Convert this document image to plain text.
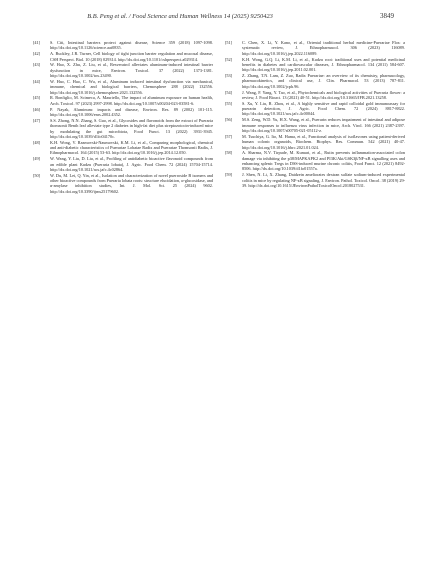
B.B. Peng et al. / Food Science and Human Wellness 14 (2025) 9250423	3849
[41] S. Citi, Intestinal barriers protect against disease, Science 359 (2018) 1097-1098. http://dx.doi.org/10.1126/science.aat0835.
[42] A. Buckley, J.R. Turner, Cell biology of tight junction barrier regulation and mucosal disease, CSH Perspect. Biol. 10 (2018) 029314. http://dx.doi.org/10.1101/cshperspect.a029314.
[43] W. Hao, X. Zhu, Z. Liu, et al., Resveratrol alleviates aluminum-induced intestinal barrier dysfunction in mice, Environ. Toxicol. 37 (2022) 1373-1381. http://dx.doi.org/10.1002/tox.23490.
[44] W. Hao, C. Hao, C. Wu, et al., Aluminum induced intestinal dysfunction via mechanical, immune, chemical and biological barriers, Chemosphere 288 (2022) 132556. http://dx.doi.org/10.1016/j.chemosphere.2021.132556.
[45] R. Bonfiglio, M. Scimeca, A. Mauriello, The impact of aluminum exposure on human health, Arch. Toxicol. 97 (2023) 2997-2998. http://dx.doi.org/10.1007/s00204-023-03581-6.
[46] P. Nayak, Aluminum: impacts and disease, Environ. Res. 89 (2002) 101-115. http://dx.doi.org/10.1006/enrs.2002.4352.
[47] S.S. Zhong, N.N. Zhang, S. Guo, et al., Glycosides and flavonoids from the extract of Pueraria thomsonii Benth leaf alleviate type 2 diabetes in high-fat diet plus streptozotocin-induced mice by modulating the gut microbiota, Food Funct. 13 (2022) 3931-3945. http://dx.doi.org/10.1039/d1fo04170c.
[48] K.H. Wong, V. Razmovski-Naumovski, K.M. Li, et al., Comparing morphological, chemical and anti-diabetic characteristics of Puerariae Lobatae Radix and Puerariae Thomsonii Radix, J. Ethnopharmacol. 164 (2015) 53-63. http://dx.doi.org/10.1016/j.jep.2014.12.050.
[49] W. Wang, Y. Liu, D. Liu, et al., Profiling of antidiabetic bioactive flavonoid compounds from an edible plant Kudzu (Pueraria lobata), J. Agric. Food Chem. 72 (2024) 15704-15714. http://dx.doi.org/10.1021/acs.jafc.4c02864.
[50] W. Du, M. Lei, Q. Yin, et al., Isolation and characterization of novel puerroside B isomers and other bioactive compounds from Pueraria lobata roots: structure elucidation, α-glucosidase, and α-amylase inhibition studies, Int. J. Mol. Sci. 25 (2024) 9602. http://dx.doi.org/10.3390/ijms25179602.
[51] C. Chen, X. Li, Y. Kano, et al., Oriental traditional herbal medicine-Puerariae Flos: a systematic review, J. Ethnopharmacol. 306 (2023) 116089. http://dx.doi.org/10.1016/j.jep.2022.116089.
[52] K.H. Wong, G.Q. Li, K.M. Li, et al., Kudzu root: traditional uses and potential medicinal benefits in diabetes and cardiovascular diseases, J. Ethnopharmacol. 134 (2011) 584-607. http://dx.doi.org/10.1016/j.jep.2011.02.001.
[53] Z. Zhang, T.N. Lam, Z. Zuo, Radix Puerariae: an overview of its chemistry, pharmacology, pharmacokinetics, and clinical use, J. Clin. Pharmacol. 53 (2013) 787-811. http://dx.doi.org/10.1002/jcph.96.
[54] J. Wang, F. Yang, Y. Tao, et al., Phytochemicals and biological activities of Pueraria flower: a review, J. Food Bioact. 13 (2021) 40-51. http://dx.doi.org/10.31665/JFB.2021.13258.
[55] S. Xu, Y. Liu, R. Zhou, et al., A highly sensitive and rapid colloidal gold immunoassay for puerarin detection, J. Agric. Food Chem. 72 (2024) 8817-8822. http://dx.doi.org/10.1021/acs.jafc.4c00044.
[56] M.S. Zeng, W.D. Yu, H.X. Wang, et al., Puerarin reduces impairment of intestinal and adipose immune responses to influenza virus infection in mice, Arch. Virol. 166 (2021) 2387-2397. http://dx.doi.org/10.1007/s00705-021-05112-z.
[57] M. Tsuchiya, G. Ito, M. Hama, et al., Functional analysis of isoflavones using patient-derived human colonic organoids, Biochem. Biophys. Res. Commun. 542 (2021) 40-47. http://dx.doi.org/10.1016/j.bbrc.2021.01.024.
[58] A. Sharma, N.V. Tirpude, M. Kumari, et al., Rutin prevents inflammation-associated colon damage via inhibiting the p38/MAPKAPK2 and PI3K/Akt/GSK3β/NF-κB signalling axes and enhancing splenic Tregs in DSS-induced murine chronic colitis, Food Funct. 12 (2021) 8492-8506. http://dx.doi.org/10.1039/d1fo01557a.
[59] J. Shen, N. Li, X. Zhang, Daidzein ameliorates dextran sulfate sodium-induced experimental colitis in mice by regulating NF-κB signaling, J. Environ. Pathol. Toxicol. Oncol. 38 (2019) 29-39. http://dx.doi.org/10.1615/JEnvironPatholToxicolOncol.2018027531.
